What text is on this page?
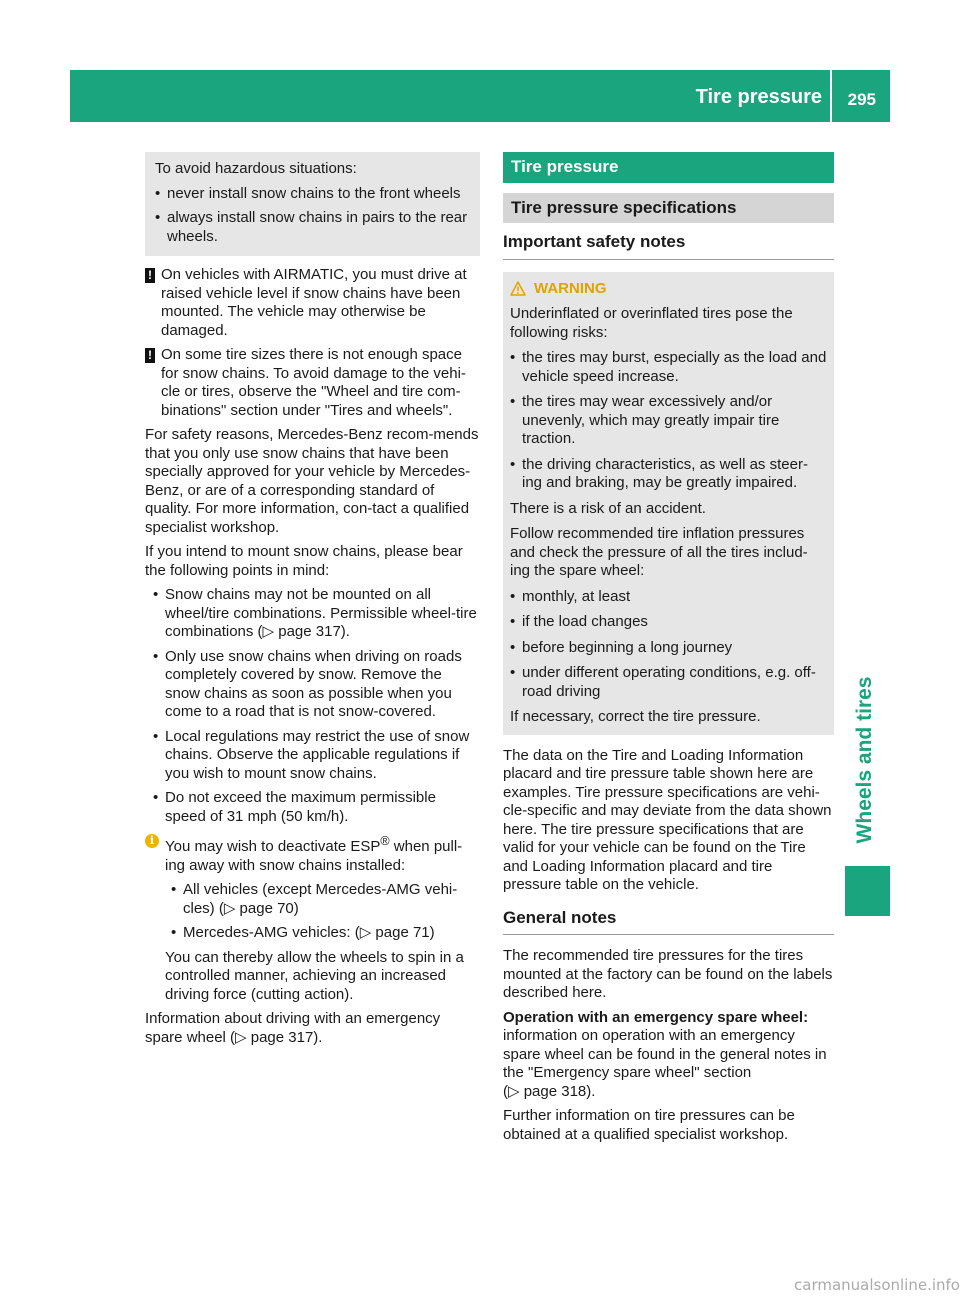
Tire pressure 295
Wheels and tires

To avoid hazardous situations:

• never install snow chains to the front wheels
• always install snow chains in pairs to the rear wheels.
! On vehicles with AIRMATIC, you must drive at raised vehicle level if snow chains have been mounted. The vehicle may otherwise be damaged.
! On some tire sizes there is not enough space for snow chains. To avoid damage to the vehi-cle or tires, observe the "Wheel and tire com-binations" section under "Tires and wheels".

For safety reasons, Mercedes-Benz recom-mends that you only use snow chains that have been specially approved for your vehicle by Mercedes-Benz, or are of a corresponding standard of quality. For more information, con-tact a qualified specialist workshop.

If you intend to mount snow chains, please bear the following points in mind:

• Snow chains may not be mounted on all wheel/tire combinations. Permissible wheel-tire combinations (▷ page 317).
• Only use snow chains when driving on roads completely covered by snow. Remove the snow chains as soon as possible when you come to a road that is not snow-covered.
• Local regulations may restrict the use of snow chains. Observe the applicable regulations if you wish to mount snow chains.
• Do not exceed the maximum permissible speed of 31 mph (50 km/h).
i You may wish to deactivate ESP® when pull-ing away with snow chains installed:
• All vehicles (except Mercedes-AMG vehi-cles) (▷ page 70)
• Mercedes-AMG vehicles: (▷ page 71)

You can thereby allow the wheels to spin in a controlled manner, achieving an increased driving force (cutting action).

Information about driving with an emergency spare wheel (▷ page 317).

Tire pressure
Tire pressure specifications
Important safety notes
WARNING

Underinflated or overinflated tires pose the following risks:

• the tires may burst, especially as the load and vehicle speed increase.
• the tires may wear excessively and/or unevenly, which may greatly impair tire traction.
• the driving characteristics, as well as steer-ing and braking, may be greatly impaired.

There is a risk of an accident.

Follow recommended tire inflation pressures and check the pressure of all the tires includ-ing the spare wheel:

• monthly, at least
• if the load changes
• before beginning a long journey
• under different operating conditions, e.g. off-road driving

If necessary, correct the tire pressure.

The data on the Tire and Loading Information placard and tire pressure table shown here are examples. Tire pressure specifications are vehi-cle-specific and may deviate from the data shown here. The tire pressure specifications that are valid for your vehicle can be found on the Tire and Loading Information placard and tire pressure table on the vehicle.

General notes

The recommended tire pressures for the tires mounted at the factory can be found on the labels described here.

Operation with an emergency spare wheel:
information on operation with an emergency spare wheel can be found in the general notes in the "Emergency spare wheel" section
(▷ page 318).

Further information on tire pressures can be obtained at a qualified specialist workshop.

carmanualsonline.info
